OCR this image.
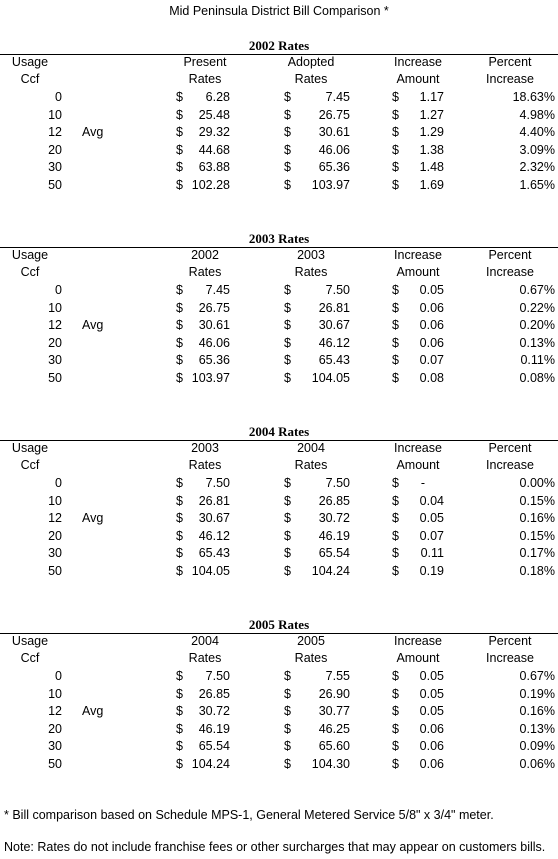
Mid Peninsula District Bill Comparison *
2002 Rates
Usage	Present	Adopted	Increase	Percent
Ccf	Rates	Rates	Amount	Increase
0	$	6.28	$	7.45	$	1.17	18.63%
10	$	25.48	$	26.75	$	1.27	4.98%
12 Avg	$	29.32	$	30.61	$	1.29	4.40%
20	$	44.68	$	46.06	$	1.38	3.09%
30	$	63.88	$	65.36	$	1.48	2.32%
50	$ 102.28	$	103.97	$	1.69	1.65%
2003 Rates
Usage	2002	2003	Increase	Percent
Ccf	Rates	Rates	Amount	Increase
0	$	7.45	$	7.50	$	0.05	0.67%
10	$	26.75	$	26.81	$	0.06	0.22%
12 Avg	$	30.61	$	30.67	$	0.06	0.20%
20	$	46.06	$	46.12	$	0.06	0.13%
30	$	65.36	$	65.43	$	0.07	0.11%
50	$ 103.97	$	104.05	$	0.08	0.08%
2004 Rates
Usage	2003	2004	Increase	Percent
Ccf	Rates	Rates	Amount	Increase
0	$	7.50	$	7.50	$	-	0.00%
10	$	26.81	$	26.85	$	0.04	0.15%
12 Avg	$	30.67	$	30.72	$	0.05	0.16%
20	$	46.12	$	46.19	$	0.07	0.15%
30	$	65.43	$	65.54	$	0.11	0.17%
50	$ 104.05	$	104.24	$	0.19	0.18%
2005 Rates
Usage	2004	2005	Increase	Percent
Ccf	Rates	Rates	Amount	Increase
0	$	7.50	$	7.55	$	0.05	0.67%
10	$	26.85	$	26.90	$	0.05	0.19%
12 Avg	$	30.72	$	30.77	$	0.05	0.16%
20	$	46.19	$	46.25	$	0.06	0.13%
30	$	65.54	$	65.60	$	0.06	0.09%
50	$ 104.24	$	104.30	$	0.06	0.06%
* Bill comparison based on Schedule MPS-1, General Metered Service 5/8" x 3/4" meter.
Note: Rates do not include franchise fees or other surcharges that may appear on customers bills.
